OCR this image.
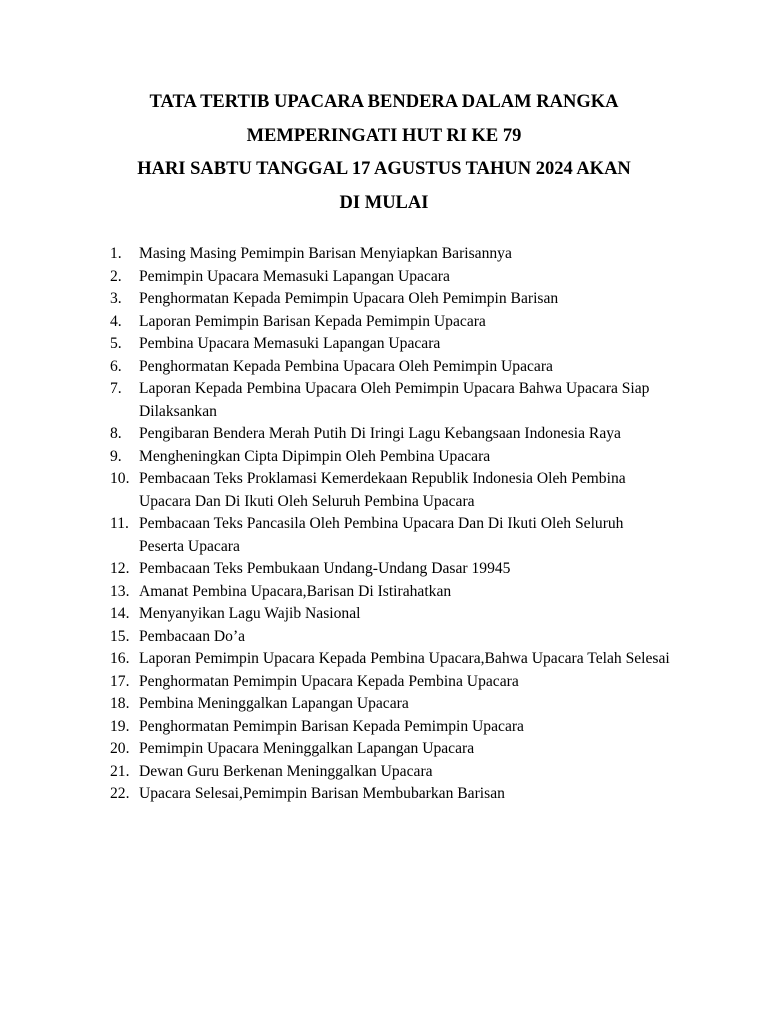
TATA TERTIB UPACARA BENDERA DALAM RANGKA
MEMPERINGATI HUT RI KE 79
HARI SABTU TANGGAL 17 AGUSTUS TAHUN 2024 AKAN
DI MULAI
1.	Masing Masing Pemimpin Barisan Menyiapkan Barisannya
2.	Pemimpin Upacara Memasuki Lapangan Upacara
3.	Penghormatan Kepada Pemimpin Upacara Oleh Pemimpin Barisan
4.	Laporan Pemimpin Barisan Kepada Pemimpin Upacara
5.	Pembina Upacara Memasuki Lapangan Upacara
6.	Penghormatan Kepada Pembina Upacara Oleh Pemimpin Upacara
7.	Laporan Kepada Pembina Upacara Oleh Pemimpin Upacara Bahwa Upacara Siap Dilaksankan
8.	Pengibaran Bendera Merah Putih Di Iringi Lagu Kebangsaan Indonesia Raya
9.	Mengheningkan Cipta Dipimpin Oleh Pembina Upacara
10. Pembacaan Teks Proklamasi Kemerdekaan Republik Indonesia Oleh Pembina Upacara Dan Di Ikuti Oleh Seluruh Pembina Upacara
11. Pembacaan Teks Pancasila Oleh Pembina Upacara Dan Di Ikuti Oleh Seluruh Peserta Upacara
12. Pembacaan Teks Pembukaan Undang-Undang Dasar 19945
13. Amanat Pembina Upacara,Barisan Di Istirahatkan
14. Menyanyikan Lagu Wajib Nasional
15. Pembacaan Do’a
16. Laporan Pemimpin Upacara Kepada Pembina Upacara,Bahwa Upacara Telah Selesai
17. Penghormatan Pemimpin Upacara Kepada Pembina Upacara
18. Pembina Meninggalkan Lapangan Upacara
19. Penghormatan Pemimpin Barisan Kepada Pemimpin Upacara
20. Pemimpin Upacara Meninggalkan Lapangan Upacara
21. Dewan Guru Berkenan Meninggalkan Upacara
22. Upacara Selesai,Pemimpin Barisan Membubarkan Barisan
